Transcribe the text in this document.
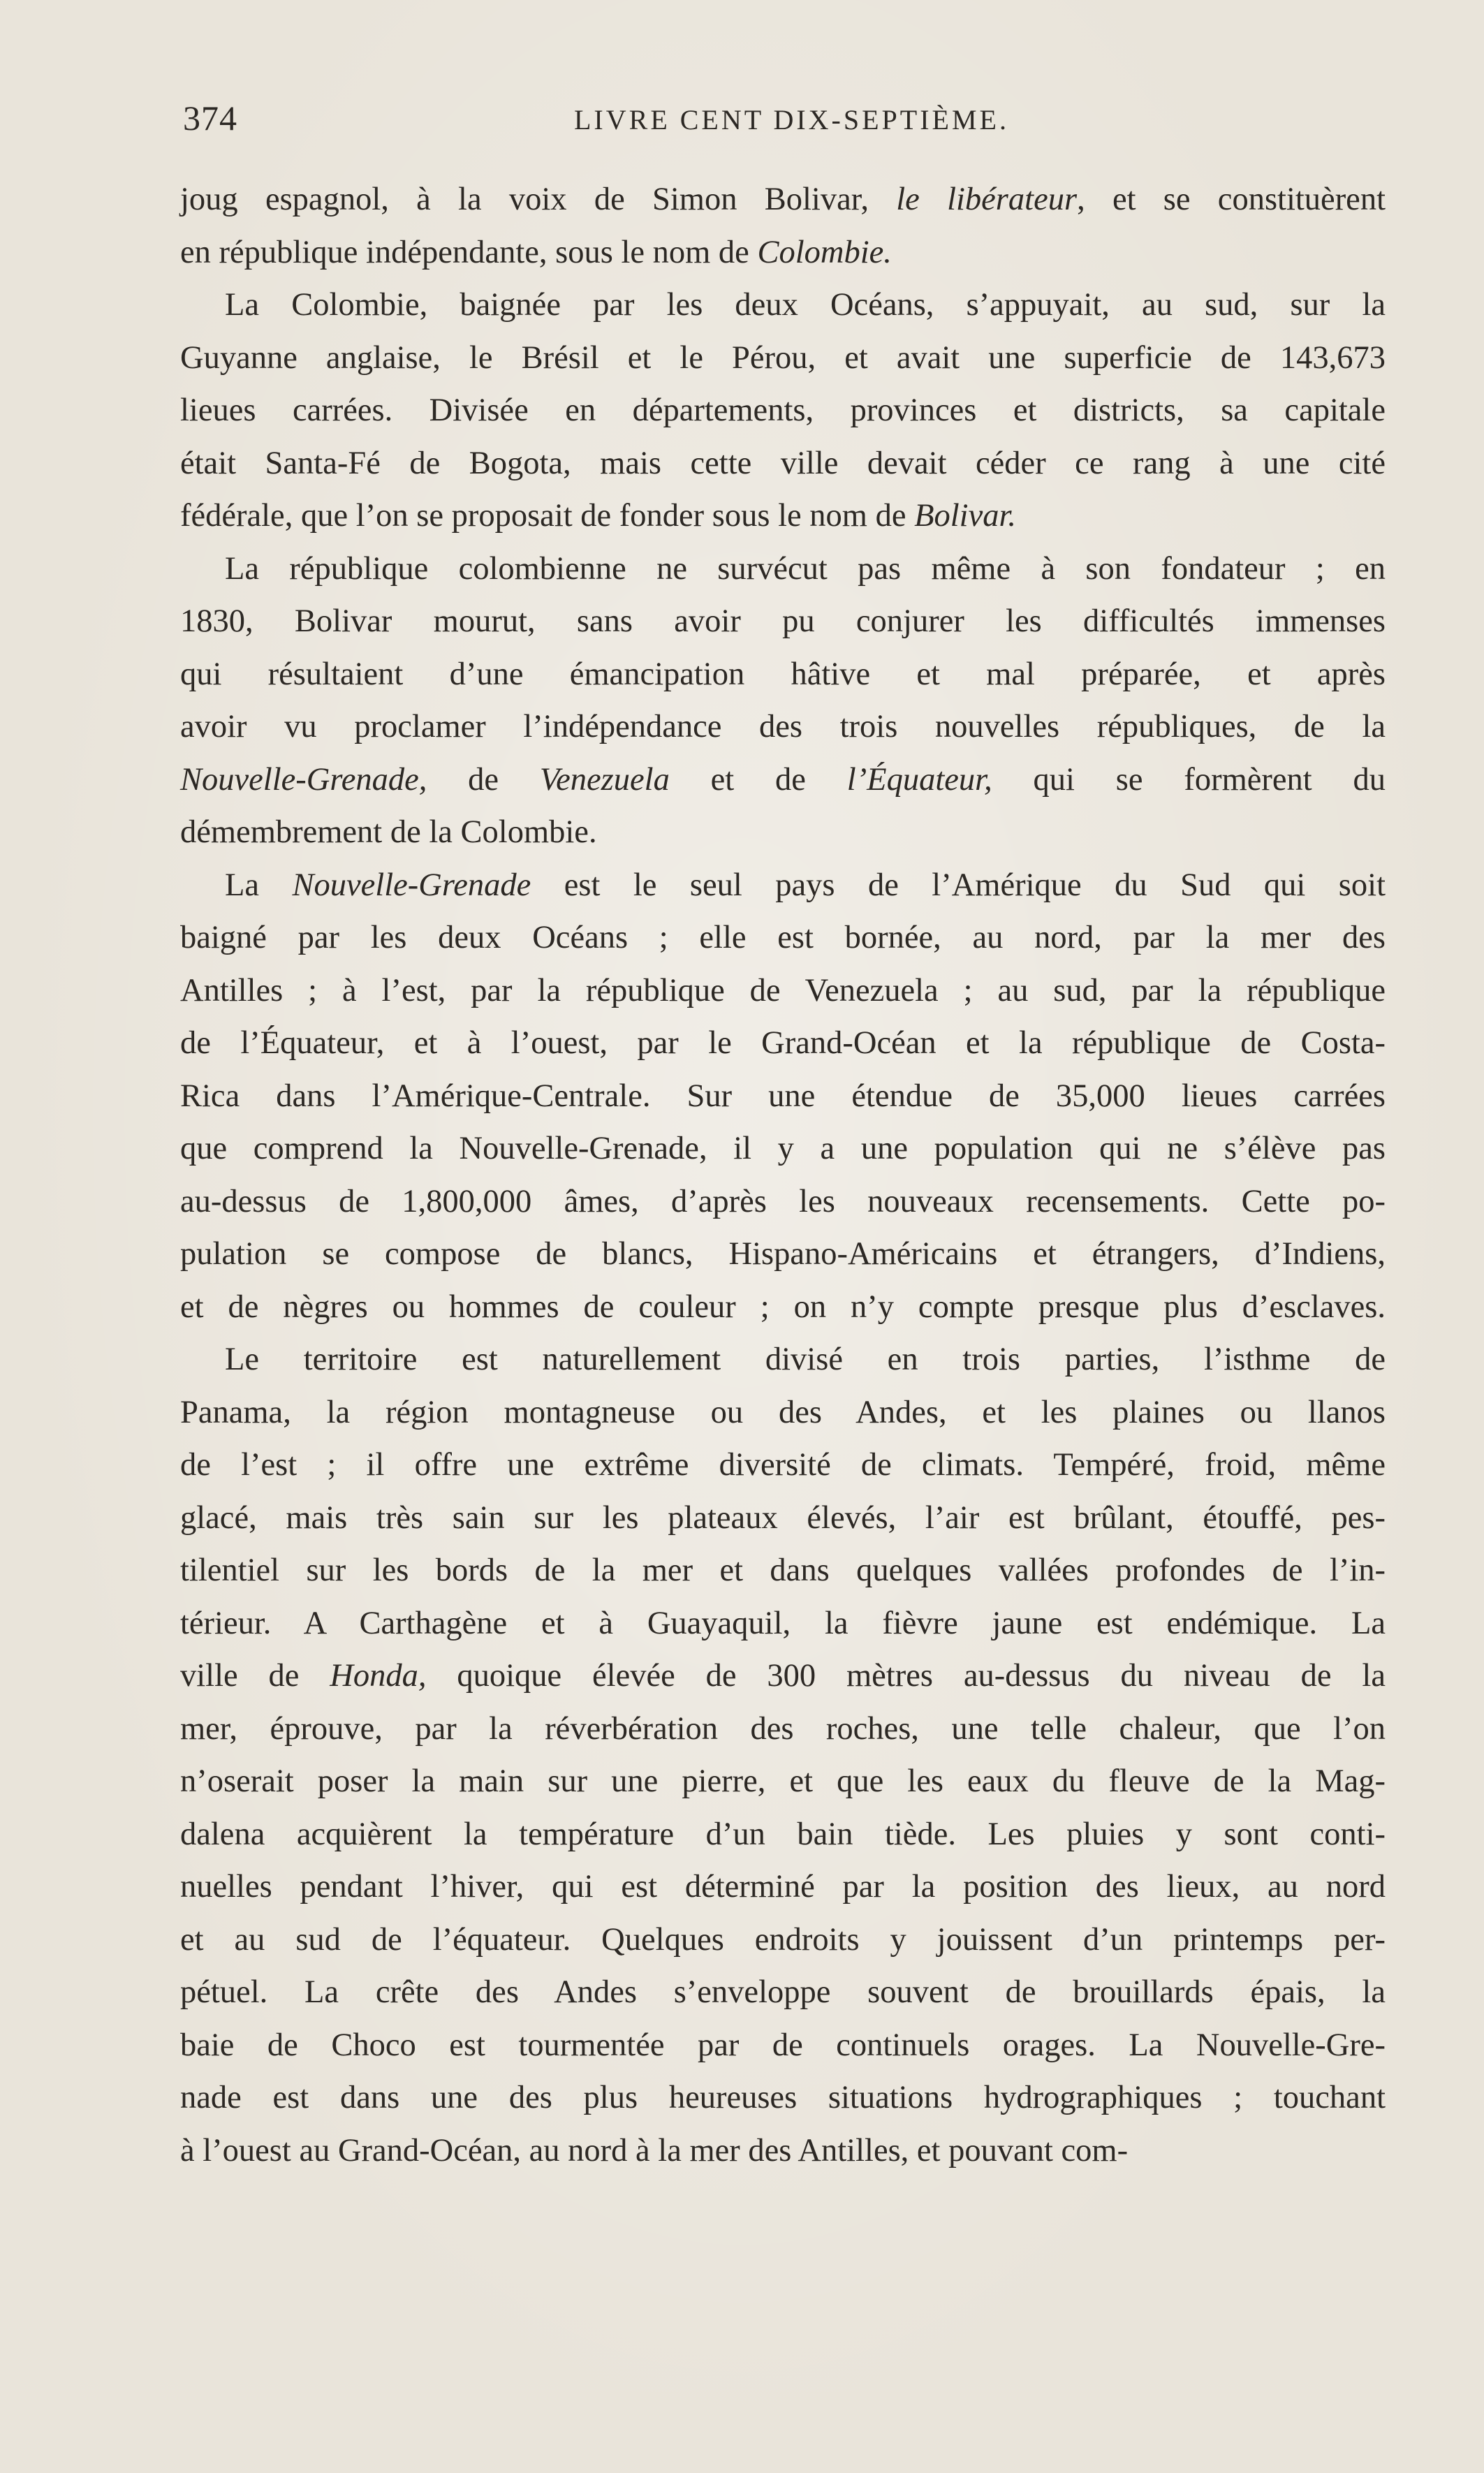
374	LIVRE CENT DIX-SEPTIÈME.
joug espagnol, à la voix de Simon Bolivar, le libérateur, et se constituèrent
en république indépendante, sous le nom de Colombie.
La Colombie, baignée par les deux Océans, s’appuyait, au sud, sur la
Guyanne anglaise, le Brésil et le Pérou, et avait une superficie de 143,673
lieues carrées. Divisée en départements, provinces et districts, sa capitale
était Santa-Fé de Bogota, mais cette ville devait céder ce rang à une cité
fédérale, que l’on se proposait de fonder sous le nom de Bolivar.
La république colombienne ne survécut pas même à son fondateur ; en
1830, Bolivar mourut, sans avoir pu conjurer les difficultés immenses
qui résultaient d’une émancipation hâtive et mal préparée, et après
avoir vu proclamer l’indépendance des trois nouvelles républiques, de la
Nouvelle-Grenade, de Venezuela et de l’Équateur, qui se formèrent du
démembrement de la Colombie.
La Nouvelle-Grenade est le seul pays de l’Amérique du Sud qui soit
baigné par les deux Océans ; elle est bornée, au nord, par la mer des
Antilles ; à l’est, par la république de Venezuela ; au sud, par la république
de l’Équateur, et à l’ouest, par le Grand-Océan et la république de Costa-
Rica dans l’Amérique-Centrale. Sur une étendue de 35,000 lieues carrées
que comprend la Nouvelle-Grenade, il y a une population qui ne s’élève pas
au-dessus de 1,800,000 âmes, d’après les nouveaux recensements. Cette po-
pulation se compose de blancs, Hispano-Américains et étrangers, d’Indiens,
et de nègres ou hommes de couleur ; on n’y compte presque plus d’esclaves.
Le territoire est naturellement divisé en trois parties, l’isthme de
Panama, la région montagneuse ou des Andes, et les plaines ou llanos
de l’est ; il offre une extrême diversité de climats. Tempéré, froid, même
glacé, mais très sain sur les plateaux élevés, l’air est brûlant, étouffé, pes-
tilentiel sur les bords de la mer et dans quelques vallées profondes de l’in-
térieur. A Carthagène et à Guayaquil, la fièvre jaune est endémique. La
ville de Honda, quoique élevée de 300 mètres au-dessus du niveau de la
mer, éprouve, par la réverbération des roches, une telle chaleur, que l’on
n’oserait poser la main sur une pierre, et que les eaux du fleuve de la Mag-
dalena acquièrent la température d’un bain tiède. Les pluies y sont conti-
nuelles pendant l’hiver, qui est déterminé par la position des lieux, au nord
et au sud de l’équateur. Quelques endroits y jouissent d’un printemps per-
pétuel. La crête des Andes s’enveloppe souvent de brouillards épais, la
baie de Choco est tourmentée par de continuels orages. La Nouvelle-Gre-
nade est dans une des plus heureuses situations hydrographiques ; touchant
à l’ouest au Grand-Océan, au nord à la mer des Antilles, et pouvant com-
